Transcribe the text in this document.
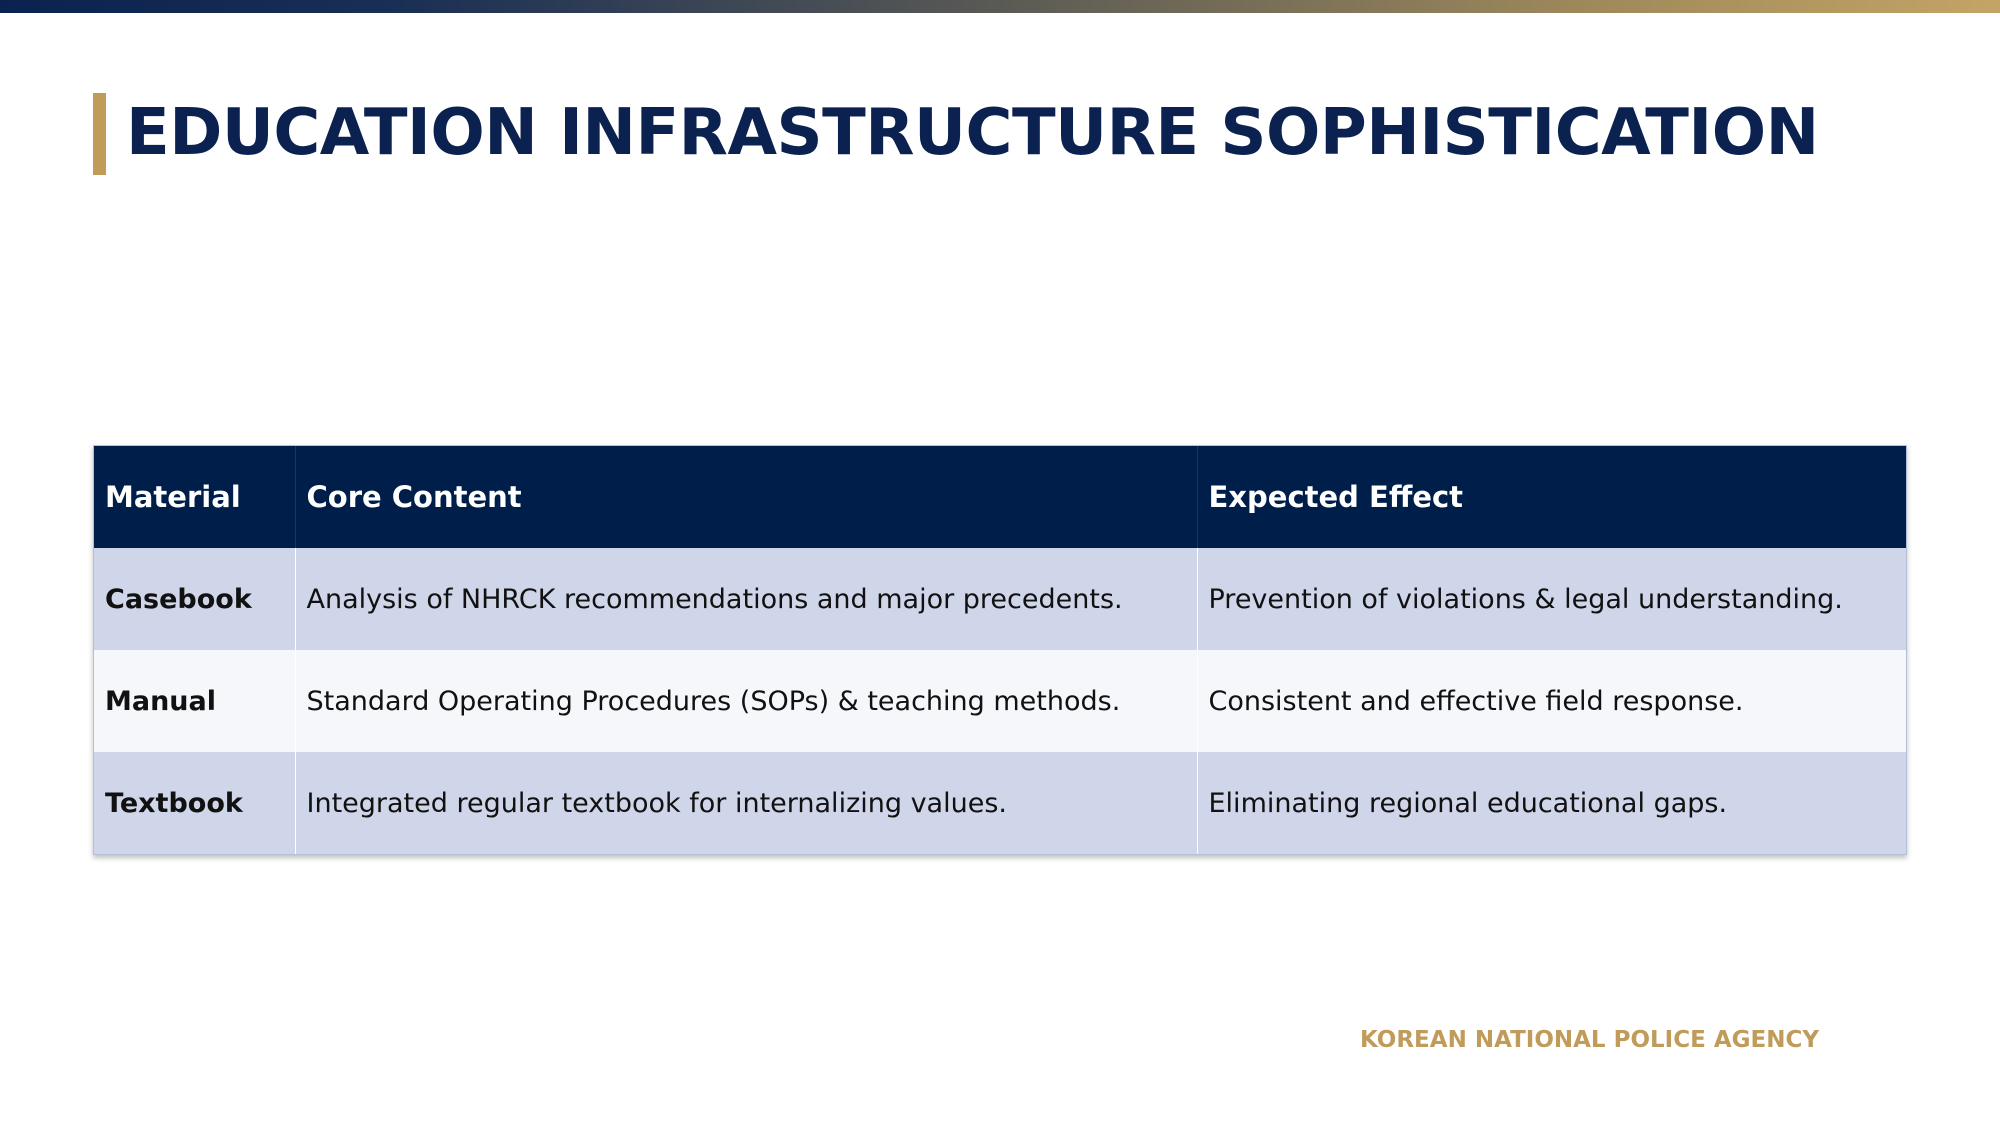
EDUCATION INFRASTRUCTURE SOPHISTICATION
Material	Core Content	Expected Effect
Casebook	Analysis of NHRCK recommendations and major precedents.	Prevention of violations & legal understanding.
Manual	Standard Operating Procedures (SOPs) & teaching methods.	Consistent and effective field response.
Textbook	Integrated regular textbook for internalizing values.	Eliminating regional educational gaps.
KOREAN NATIONAL POLICE AGENCY
